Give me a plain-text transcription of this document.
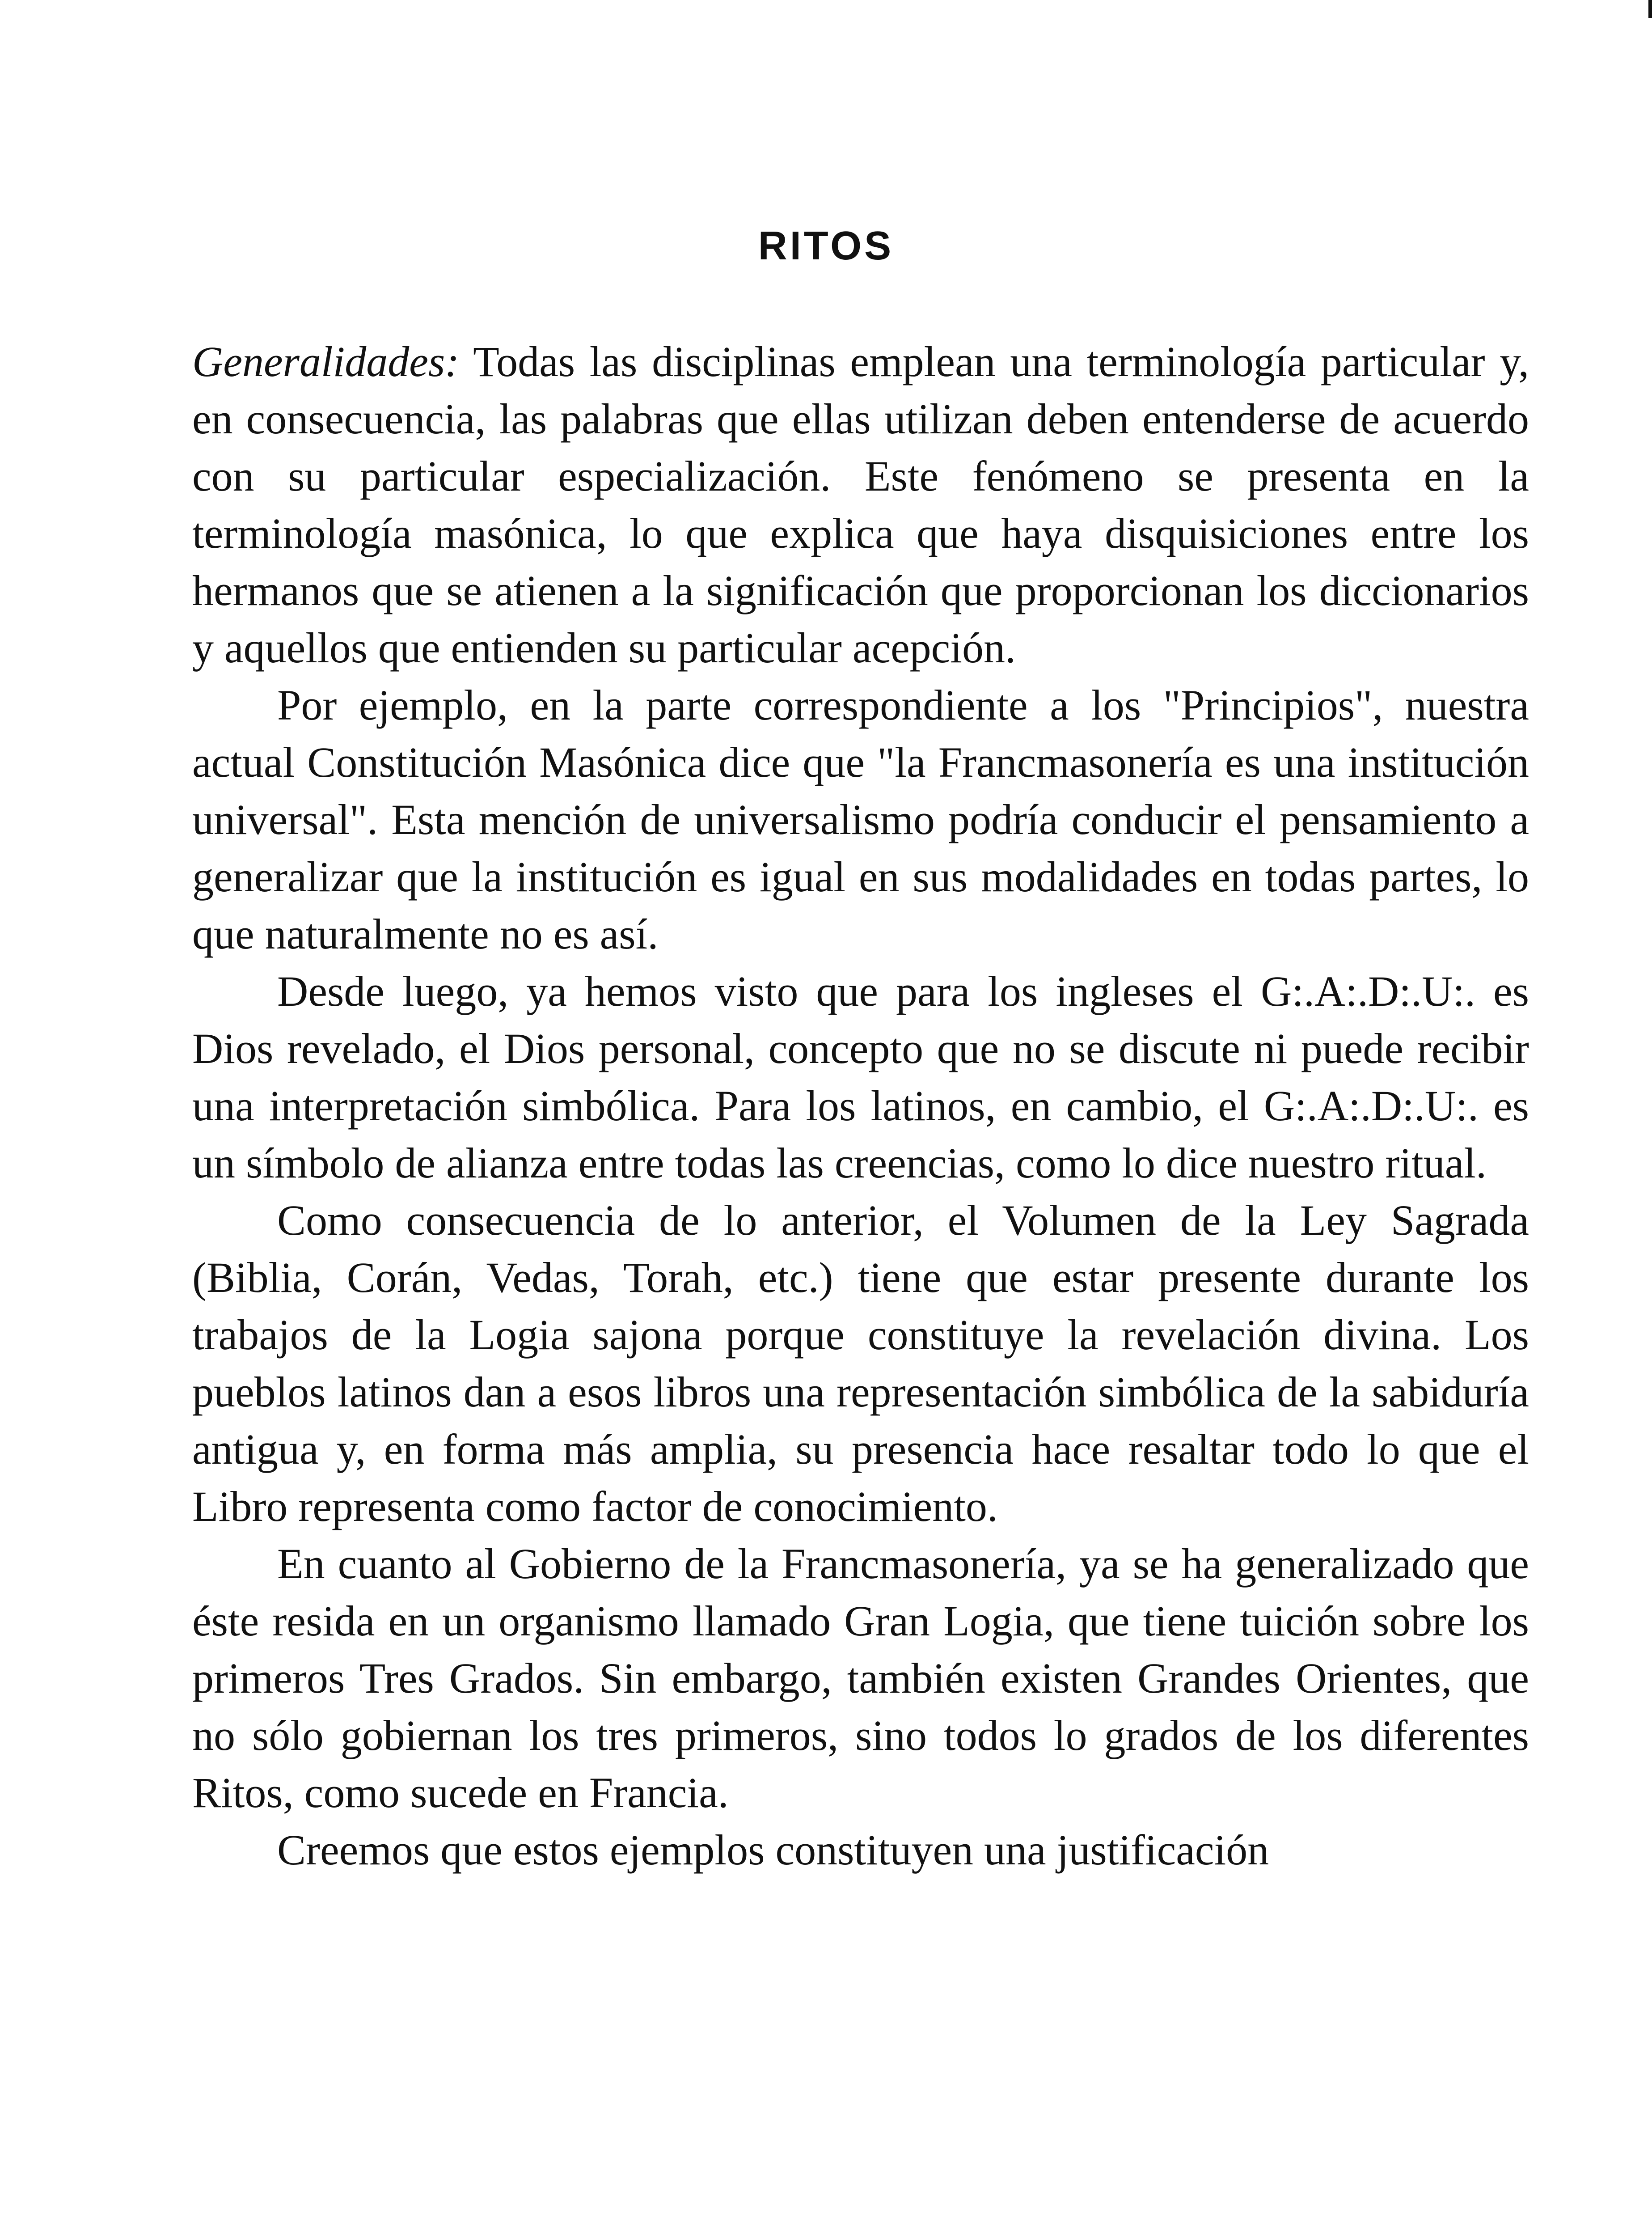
RITOS

Generalidades: Todas las disciplinas emplean una terminología particular y, en consecuencia, las palabras que ellas utilizan deben entenderse de acuerdo con su particular especialización. Este fenómeno se presenta en la terminología masónica, lo que explica que haya disquisiciones entre los hermanos que se atienen a la significación que proporcionan los diccionarios y aquellos que entienden su particular acepción.

Por ejemplo, en la parte correspondiente a los "Principios", nuestra actual Constitución Masónica dice que "la Francmasonería es una institución universal". Esta mención de universalismo podría conducir el pensamiento a generalizar que la institución es igual en sus modalidades en todas partes, lo que naturalmente no es así.

Desde luego, ya hemos visto que para los ingleses el G:.A:.D:.U:. es Dios revelado, el Dios personal, concepto que no se discute ni puede recibir una interpretación simbólica. Para los latinos, en cambio, el G:.A:.D:.U:. es un símbolo de alianza entre todas las creencias, como lo dice nuestro ritual.

Como consecuencia de lo anterior, el Volumen de la Ley Sagrada (Biblia, Corán, Vedas, Torah, etc.) tiene que estar presente durante los trabajos de la Logia sajona porque constituye la revelación divina. Los pueblos latinos dan a esos libros una representación simbólica de la sabiduría antigua y, en forma más amplia, su presencia hace resaltar todo lo que el Libro representa como factor de conocimiento.

En cuanto al Gobierno de la Francmasonería, ya se ha generalizado que éste resida en un organismo llamado Gran Logia, que tiene tuición sobre los primeros Tres Grados. Sin embargo, también existen Grandes Orientes, que no sólo gobiernan los tres primeros, sino todos lo grados de los diferentes Ritos, como sucede en Francia.

Creemos que estos ejemplos constituyen una justificación
